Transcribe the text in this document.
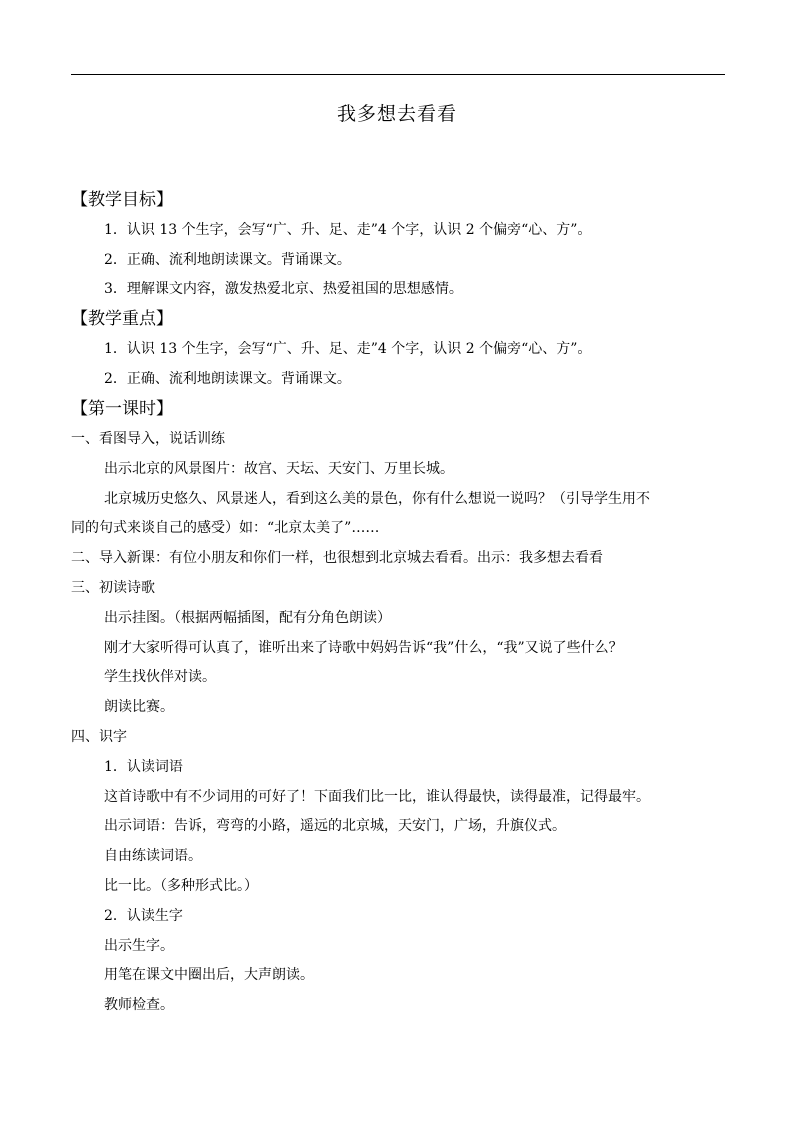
我多想去看看
【教学目标】
1．认识 13 个生字，会写“广、升、足、走”4 个字，认识 2 个偏旁“心、方”。
2．正确、流利地朗读课文。背诵课文。
3．理解课文内容，激发热爱北京、热爱祖国的思想感情。
【教学重点】
1．认识 13 个生字，会写“广、升、足、走”4 个字，认识 2 个偏旁“心、方”。
2．正确、流利地朗读课文。背诵课文。
【第一课时】
一、看图导入，说话训练
出示北京的风景图片：故宫、天坛、天安门、万里长城。
北京城历史悠久、风景迷人，看到这么美的景色，你有什么想说一说吗？（引导学生用不
同的句式来谈自己的感受）如：“北京太美了”……
二、导入新课：有位小朋友和你们一样，也很想到北京城去看看。出示：我多想去看看
三、初读诗歌
出示挂图。（根据两幅插图，配有分角色朗读）
刚才大家听得可认真了，谁听出来了诗歌中妈妈告诉“我”什么，“我”又说了些什么？
学生找伙伴对读。
朗读比赛。
四、识字
1．认读词语
这首诗歌中有不少词用的可好了！下面我们比一比，谁认得最快，读得最准，记得最牢。
出示词语：告诉，弯弯的小路，遥远的北京城，天安门，广场，升旗仪式。
自由练读词语。
比一比。（多种形式比。）
2．认读生字
出示生字。
用笔在课文中圈出后，大声朗读。
教师检查。
